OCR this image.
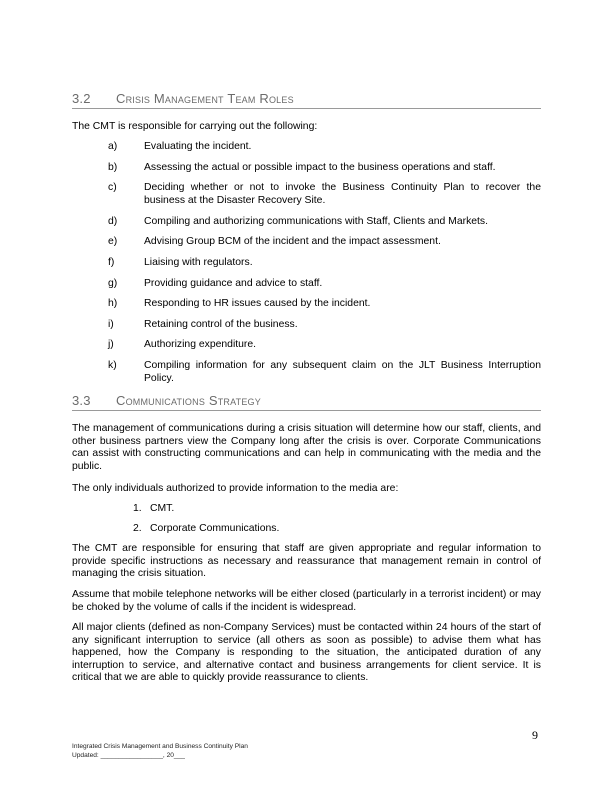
3.2 Crisis Management Team Roles

The CMT is responsible for carrying out the following:

a)	Evaluating the incident.
b)	Assessing the actual or possible impact to the business operations and staff.
c)	Deciding whether or not to invoke the Business Continuity Plan to recover the business at the Disaster Recovery Site.
d)	Compiling and authorizing communications with Staff, Clients and Markets.
e)	Advising Group BCM of the incident and the impact assessment.
f)	Liaising with regulators.
g)	Providing guidance and advice to staff.
h)	Responding to HR issues caused by the incident.
i)	Retaining control of the business.
j)	Authorizing expenditure.
k)	Compiling information for any subsequent claim on the JLT Business Interruption Policy.
3.3 Communications Strategy

The management of communications during a crisis situation will determine how our staff, clients, and other business partners view the Company long after the crisis is over. Corporate Communications can assist with constructing communications and can help in communicating with the media and the public.

The only individuals authorized to provide information to the media are:

1. CMT.
2. Corporate Communications.

The CMT are responsible for ensuring that staff are given appropriate and regular information to provide specific instructions as necessary and reassurance that management remain in control of managing the crisis situation.

Assume that mobile telephone networks will be either closed (particularly in a terrorist incident) or may be choked by the volume of calls if the incident is widespread.

All major clients (defined as non-Company Services) must be contacted within 24 hours of the start of any significant interruption to service (all others as soon as possible) to advise them what has happened, how the Company is responding to the situation, the anticipated duration of any interruption to service, and alternative contact and business arrangements for client service. It is critical that we are able to quickly provide reassurance to clients.

9
Integrated Crisis Management and Business Continuity Plan
Updated: _________________, 20___
